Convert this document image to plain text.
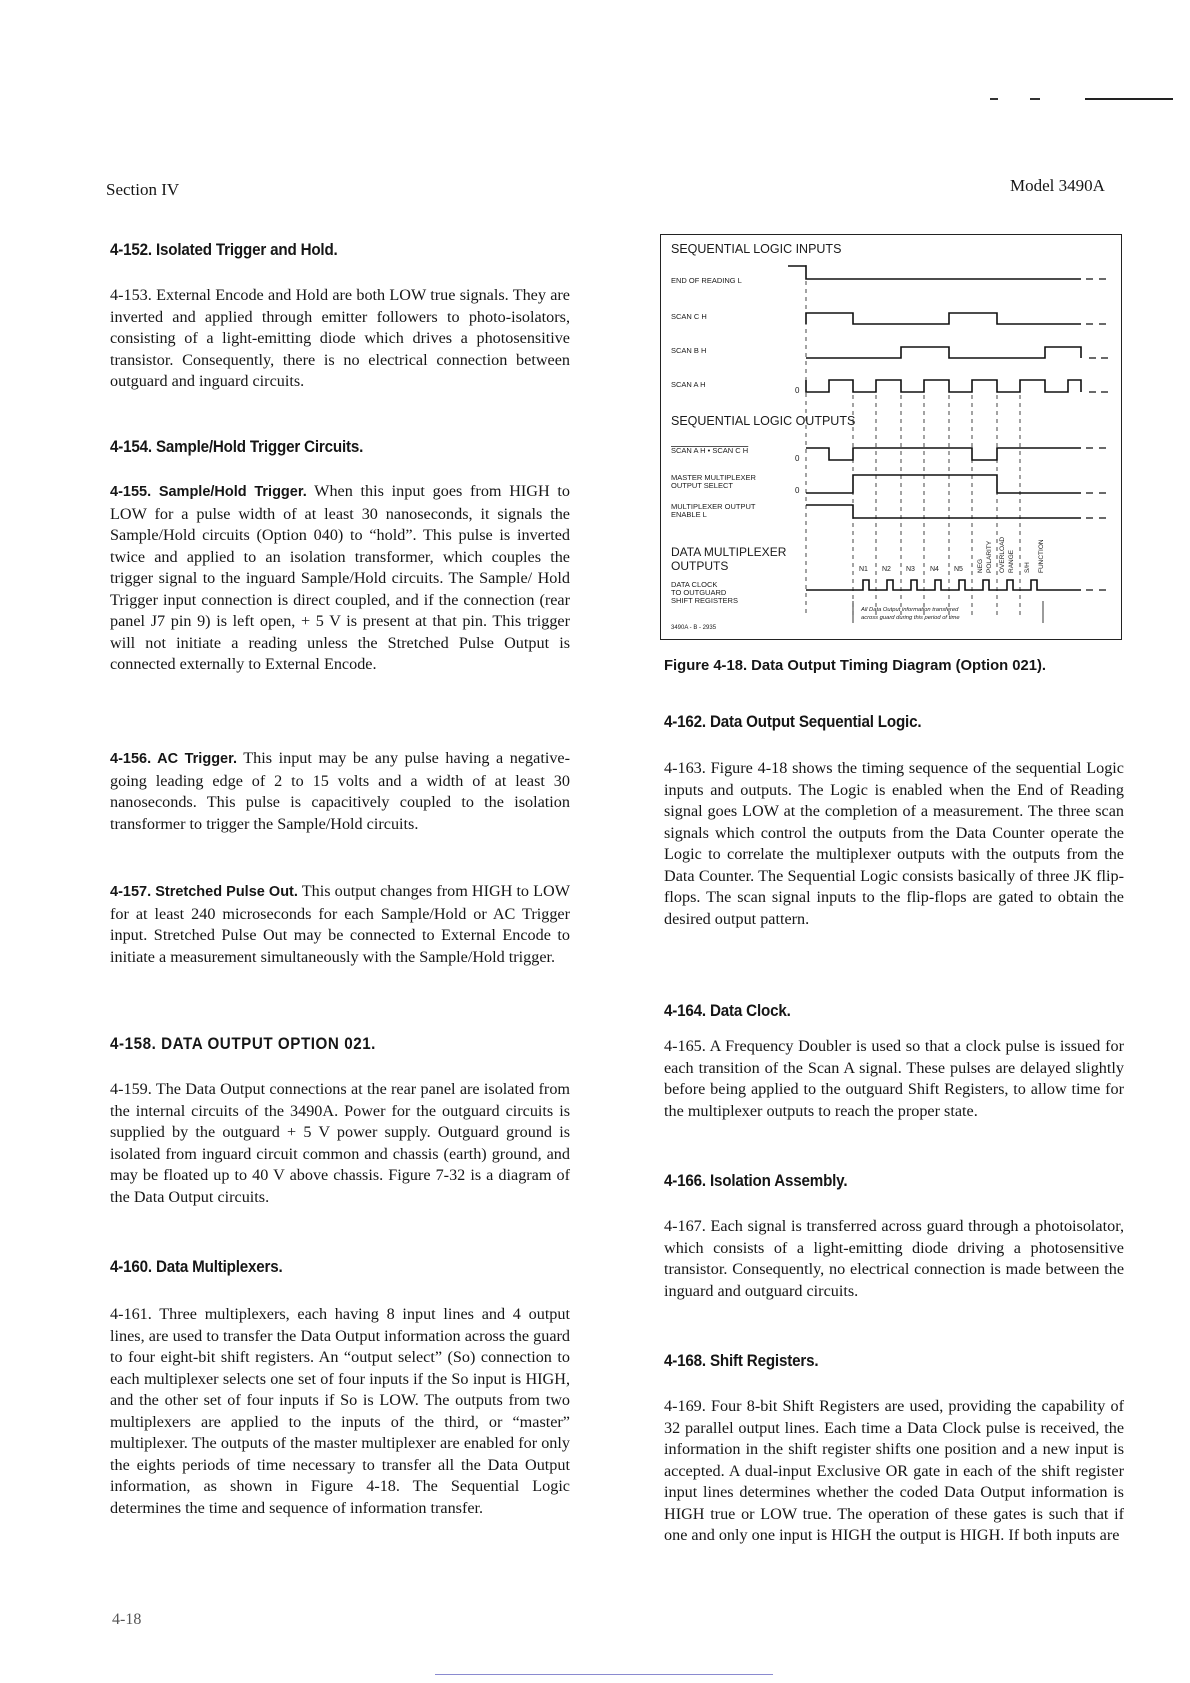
Section IV	Model 3490A
4-152. Isolated Trigger and Hold.
4-153. External Encode and Hold are both LOW true signals. They are inverted and applied through emitter followers to photo-isolators, consisting of a light-emitting diode which drives a photosensitive transistor. Consequently, there is no electrical connection between outguard and inguard circuits.
4-154. Sample/Hold Trigger Circuits.
4-155. Sample/Hold Trigger. When this input goes from HIGH to LOW for a pulse width of at least 30 nanoseconds, it signals the Sample/Hold circuits (Option 040) to “hold”. This pulse is inverted twice and applied to an isolation transformer, which couples the trigger signal to the inguard Sample/Hold circuits. The Sample/ Hold Trigger input connection is direct coupled, and if the connection (rear panel J7 pin 9) is left open, + 5 V is present at that pin. This trigger will not initiate a reading unless the Stretched Pulse Output is connected externally to External Encode.
4-156. AC Trigger. This input may be any pulse having a negative-going leading edge of 2 to 15 volts and a width of at least 30 nanoseconds. This pulse is capacitively coupled to the isolation transformer to trigger the Sample/Hold circuits.
4-157. Stretched Pulse Out. This output changes from HIGH to LOW for at least 240 microseconds for each Sample/Hold or AC Trigger input. Stretched Pulse Out may be connected to External Encode to initiate a measurement simultaneously with the Sample/Hold trigger.
4-158. DATA OUTPUT OPTION 021.
4-159. The Data Output connections at the rear panel are isolated from the internal circuits of the 3490A. Power for the outguard circuits is supplied by the outguard + 5 V power supply. Outguard ground is isolated from inguard circuit common and chassis (earth) ground, and may be floated up to 40 V above chassis. Figure 7-32 is a diagram of the Data Output circuits.
4-160. Data Multiplexers.
4-161. Three multiplexers, each having 8 input lines and 4 output lines, are used to transfer the Data Output information across the guard to four eight-bit shift registers. An “output select” (So) connection to each multiplexer selects one set of four inputs if the So input is HIGH, and the other set of four inputs if So is LOW. The outputs from two multiplexers are applied to the inputs of the third, or “master” multiplexer. The outputs of the master multiplexer are enabled for only the eights periods of time necessary to transfer all the Data Output information, as shown in Figure 4-18. The Sequential Logic determines the time and sequence of information transfer.
4-18
SEQUENTIAL LOGIC INPUTS
SEQUENTIAL LOGIC OUTPUTS
DATA MULTIPLEXER
OUTPUTS
END OF READING L
SCAN C H
SCAN B H
SCAN A H
SCAN A H • SCAN C H
MASTER MULTIPLEXER
OUTPUT SELECT
MULTIPLEXER OUTPUT
ENABLE L
DATA CLOCK
TO OUTGUARD
SHIFT REGISTERS
3490A - B - 2935
0
0
0
N1 N2 N3 N4 N5 NEG POLARITY OVERLOAD RANGE S/H FUNCTION
All Data Output information transfered
across guard during this period of time
Figure 4-18. Data Output Timing Diagram (Option 021).
4-162. Data Output Sequential Logic.
4-163. Figure 4-18 shows the timing sequence of the sequential Logic inputs and outputs. The Logic is enabled when the End of Reading signal goes LOW at the completion of a measurement. The three scan signals which control the outputs from the Data Counter operate the Logic to correlate the multiplexer outputs with the outputs from the Data Counter. The Sequential Logic consists basically of three JK flip-flops. The scan signal inputs to the flip-flops are gated to obtain the desired output pattern.
4-164. Data Clock.
4-165. A Frequency Doubler is used so that a clock pulse is issued for each transition of the Scan A signal. These pulses are delayed slightly before being applied to the outguard Shift Registers, to allow time for the multiplexer outputs to reach the proper state.
4-166. Isolation Assembly.
4-167. Each signal is transferred across guard through a photoisolator, which consists of a light-emitting diode driving a photosensitive transistor. Consequently, no electrical connection is made between the inguard and outguard circuits.
4-168. Shift Registers.
4-169. Four 8-bit Shift Registers are used, providing the capability of 32 parallel output lines. Each time a Data Clock pulse is received, the information in the shift register shifts one position and a new input is accepted. A dual-input Exclusive OR gate in each of the shift register input lines determines whether the coded Data Output information is HIGH true or LOW true. The operation of these gates is such that if one and only one input is HIGH the output is HIGH. If both inputs are
